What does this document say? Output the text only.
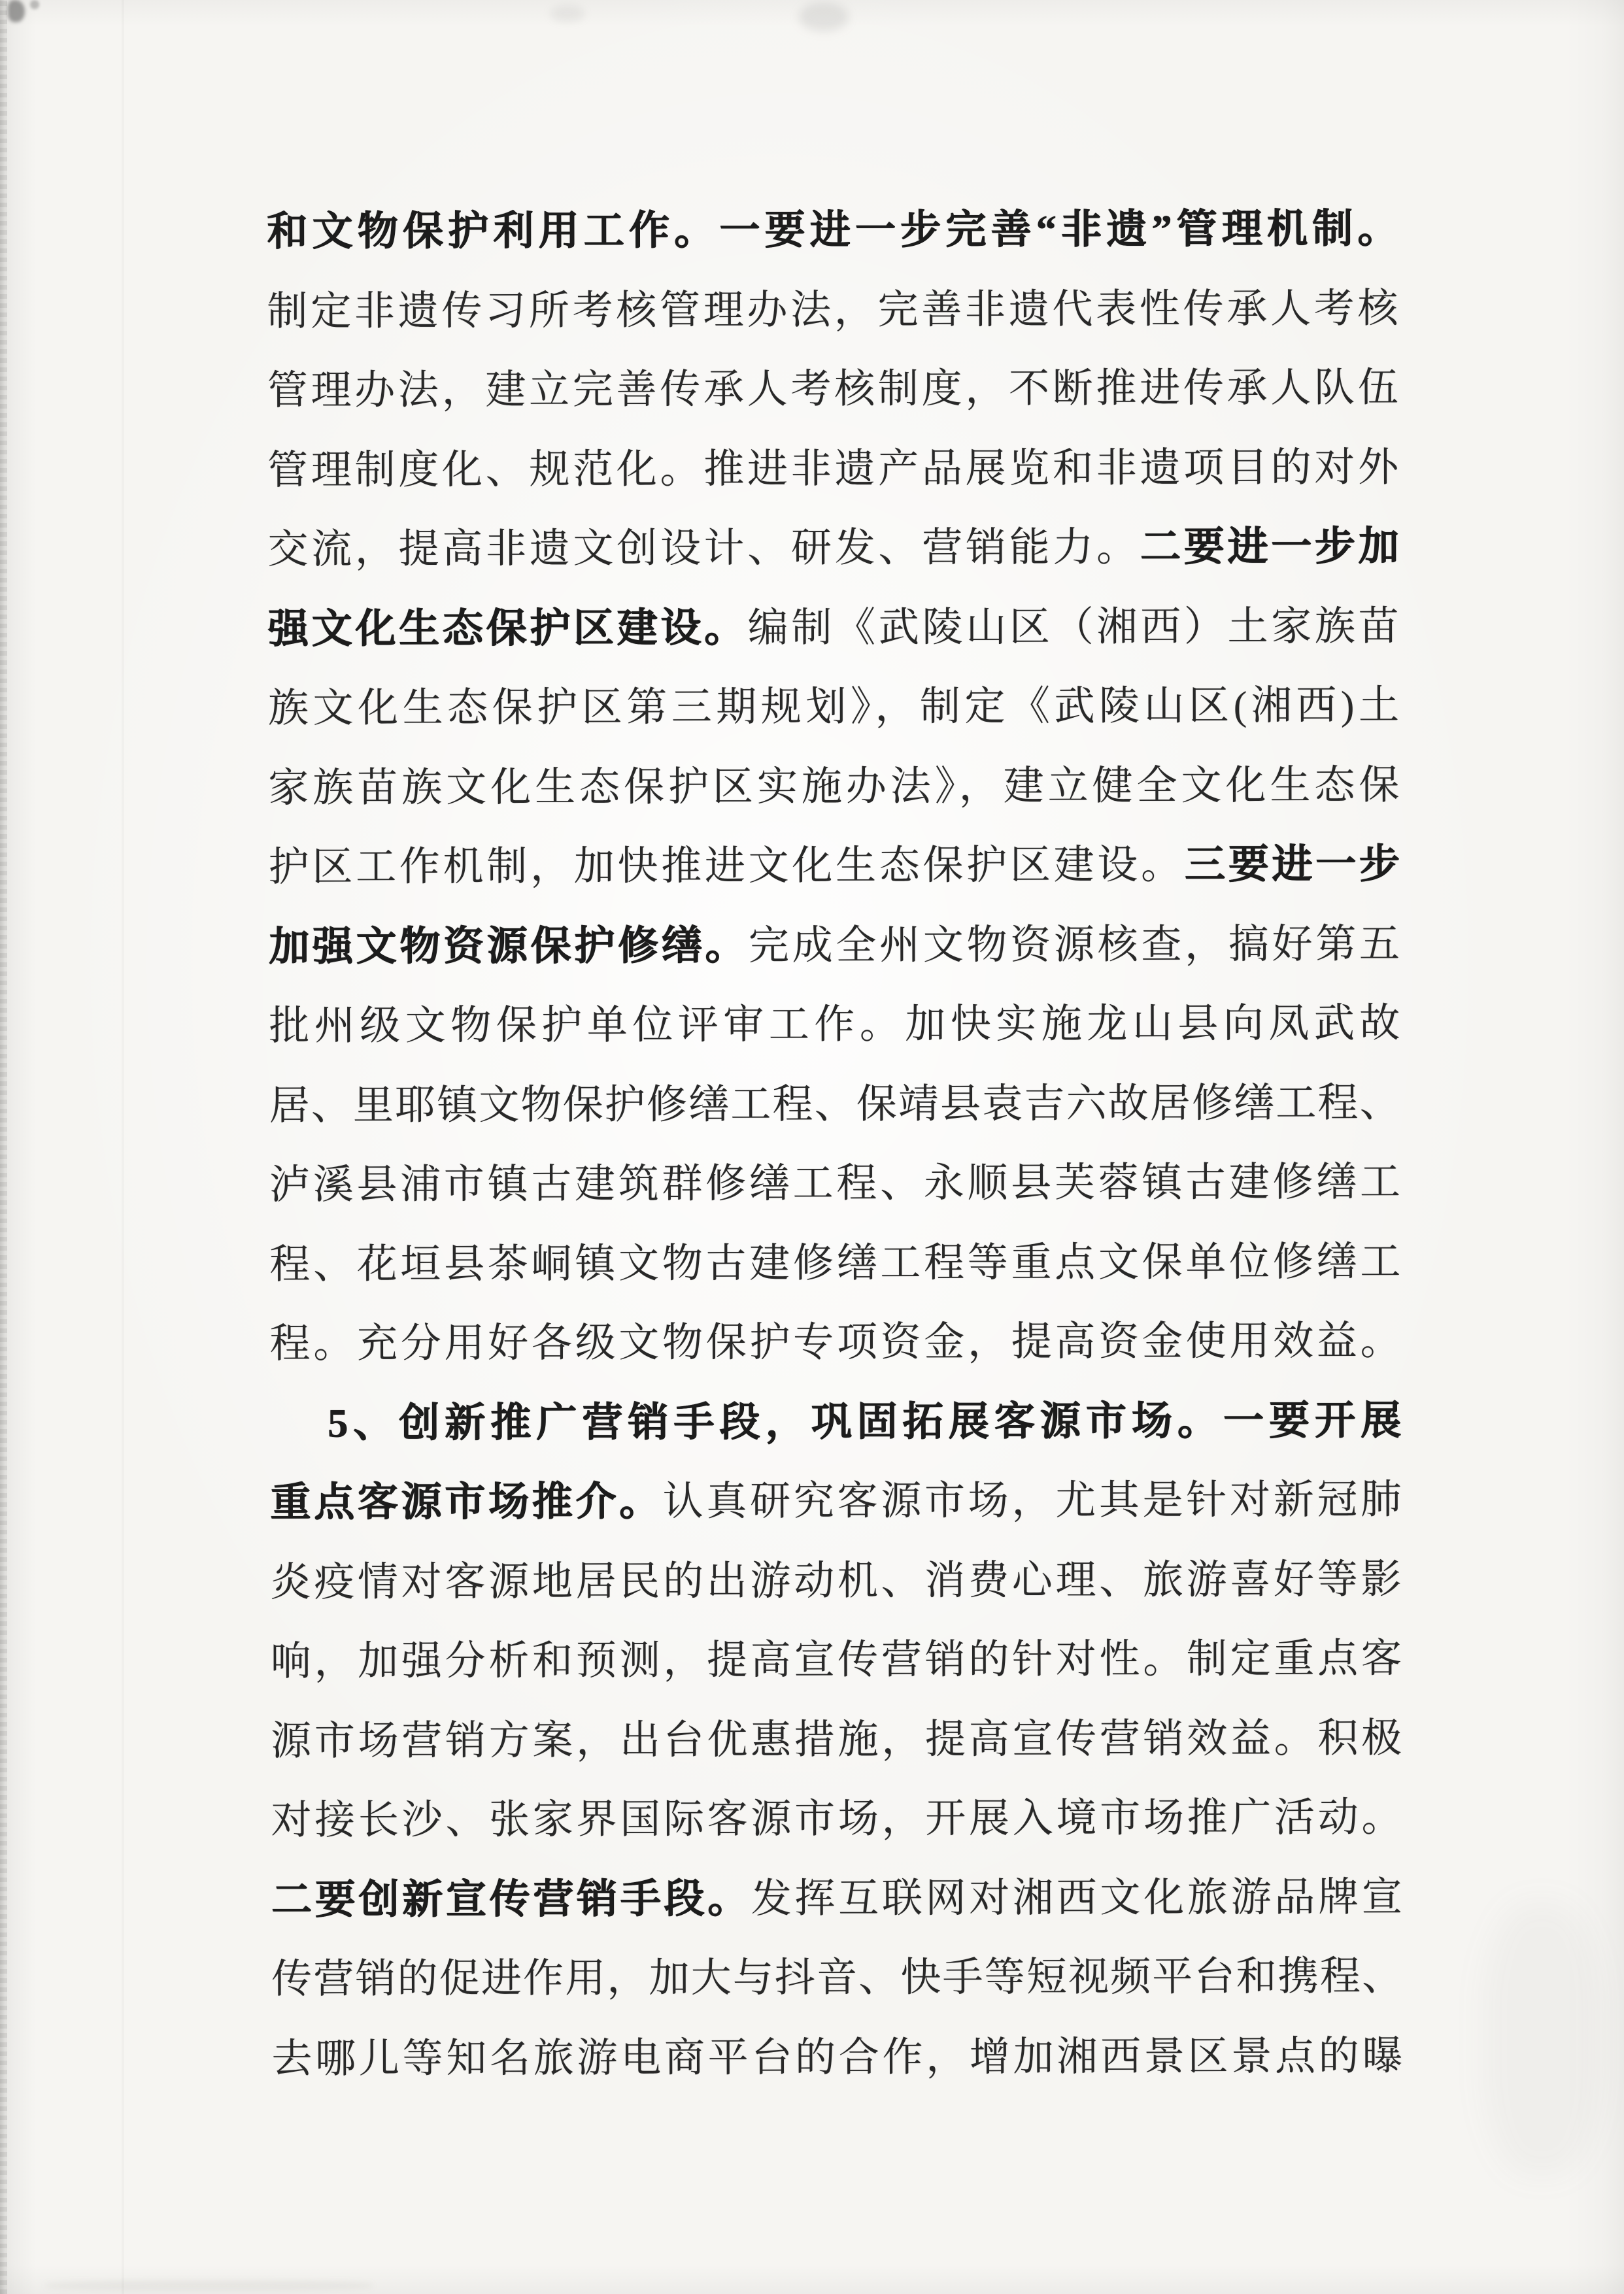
和文物保护利用工作。一要进一步完善“非遗”管理机制。
制定非遗传习所考核管理办法，完善非遗代表性传承人考核
管理办法，建立完善传承人考核制度，不断推进传承人队伍
管理制度化、规范化。推进非遗产品展览和非遗项目的对外
交流，提高非遗文创设计、研发、营销能力。二要进一步加
强文化生态保护区建设。编制《武陵山区（湘西）土家族苗
族文化生态保护区第三期规划》，制定《武陵山区(湘西)土
家族苗族文化生态保护区实施办法》，建立健全文化生态保
护区工作机制，加快推进文化生态保护区建设。三要进一步
加强文物资源保护修缮。完成全州文物资源核查，搞好第五
批州级文物保护单位评审工作。加快实施龙山县向凤武故
居、里耶镇文物保护修缮工程、保靖县袁吉六故居修缮工程、
泸溪县浦市镇古建筑群修缮工程、永顺县芙蓉镇古建修缮工
程、花垣县茶峒镇文物古建修缮工程等重点文保单位修缮工
程。充分用好各级文物保护专项资金，提高资金使用效益。
5、创新推广营销手段，巩固拓展客源市场。一要开展
重点客源市场推介。认真研究客源市场，尤其是针对新冠肺
炎疫情对客源地居民的出游动机、消费心理、旅游喜好等影
响，加强分析和预测，提高宣传营销的针对性。制定重点客
源市场营销方案，出台优惠措施，提高宣传营销效益。积极
对接长沙、张家界国际客源市场，开展入境市场推广活动。
二要创新宣传营销手段。发挥互联网对湘西文化旅游品牌宣
传营销的促进作用，加大与抖音、快手等短视频平台和携程、
去哪儿等知名旅游电商平台的合作，增加湘西景区景点的曝
